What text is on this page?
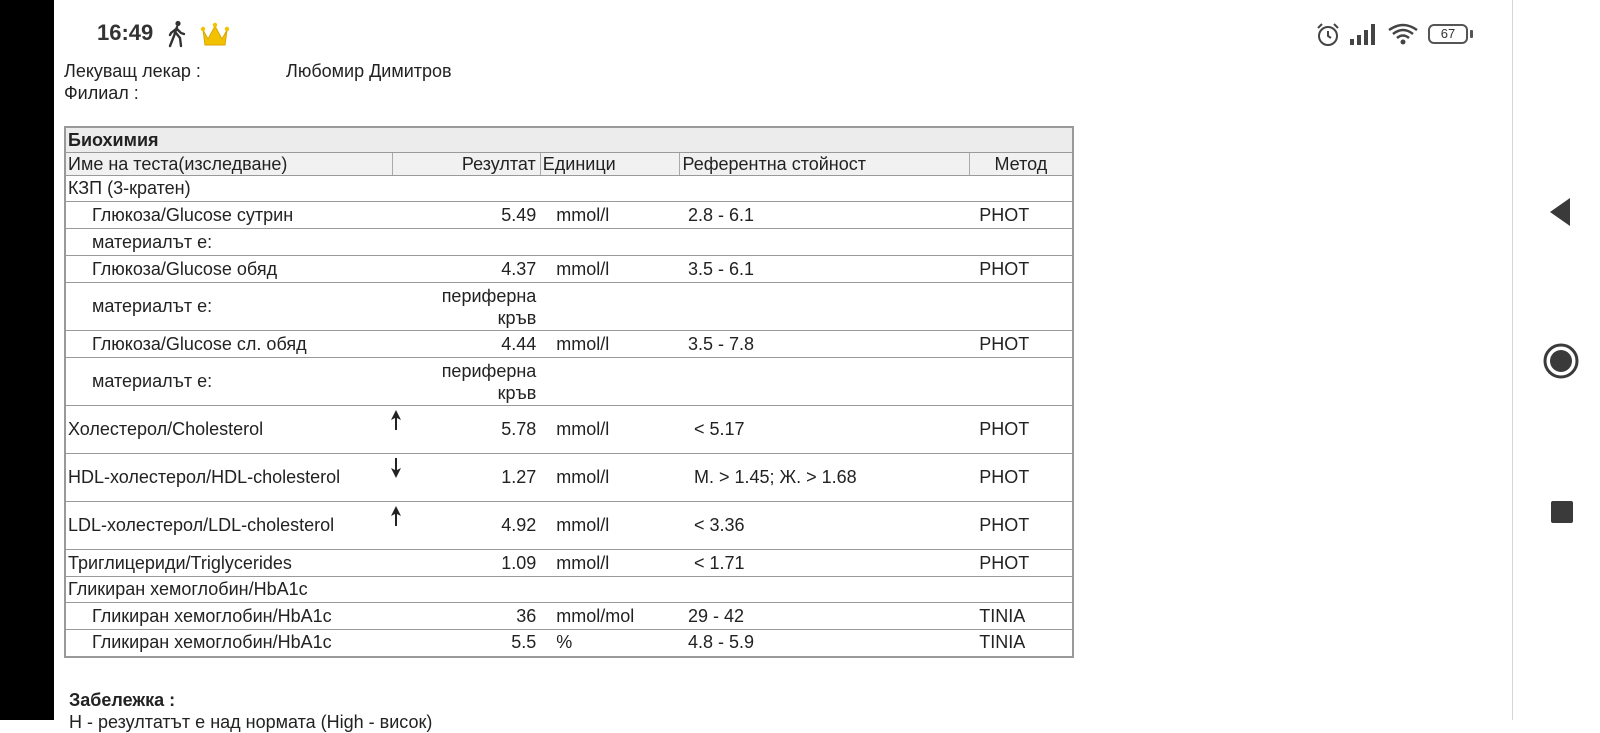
16:49	67
Лекуващ лекар :	Любомир Димитров
Филиал :
Биохимия				
Име на теста(изследване)	Резултат	Единици	Референтна стойност	Метод
КЗП (3-кратен)				
Глюкоза/Glucose сутрин	5.49	mmol/l	2.8 - 6.1	PHOT
материалът е:				
Глюкоза/Glucose обяд	4.37	mmol/l	3.5 - 6.1	PHOT
материалът е:	периферна
кръв			
Глюкоза/Glucose сл. обяд	4.44	mmol/l	3.5 - 7.8	PHOT
материалът е:	периферна
кръв			
Холестерол/Cholesterol	5.78	mmol/l	< 5.17	PHOT
HDL-холестерол/HDL-cholesterol	1.27	mmol/l	М. > 1.45; Ж. > 1.68	PHOT
LDL-холестерол/LDL-cholesterol	4.92	mmol/l	< 3.36	PHOT
Триглицериди/Triglycerides	1.09	mmol/l	< 1.71	PHOT
Гликиран хемоглобин/HbA1c				
Гликиран хемоглобин/HbA1c	36	mmol/mol	29 - 42	TINIA
Гликиран хемоглобин/HbA1c	5.5	%	4.8 - 5.9	TINIA
Забележка :
H - резултатът е над нормата (High - висок)
